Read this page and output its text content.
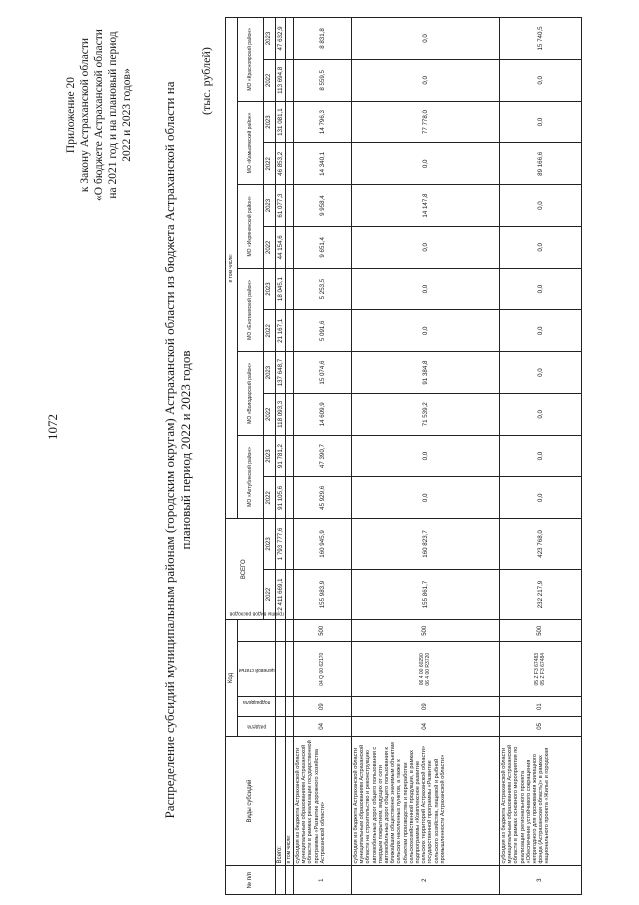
1072
Приложение 20 к Закону Астраханской области «О бюджете Астраханской области на 2021 год и на плановый период 2022 и 2023 годов» Распределение субсидий муниципальным районам (городским округам) Астраханской области из бюджета Астраханской области на плановый период 2022 и 2023 годов
(тыс. рублей)
№ п/п	Виды субсидий	Код				ВСЕГО		в том числе:											
		раздела	подраздела	целевой статьи	группы видов расходов			МО «Ахтубинский район»		МО «Володарский район»		МО «Енотаевский район»		МО «Икрянинский район»		МО «Камызякский район»		МО «Красноярский район»	

						2022	2023	2022	2023	2022	2023	2022	2023	2022	2023	2022	2023	2022	2023
	Всего:					2 411 669,1	1 793 777,6	91 105,6	91 781,2	118 093,3	137 648,7	21 167,1	18 045,1	44 154,6	61 077,3	46 853,2	131 081,1	113 694,8	47 632,9
	в том числе:																		
1	субсидия из бюджета Астраханской области муниципальным образованиям Астраханской области в рамках реализации государственной программы «Развитие дорожного хозяйства Астраханской области»	04	09	04 Q 00 62170	500	155 983,9	160 945,9	45 929,6	47 390,7	14 609,9	15 074,6	5 091,6	5 253,5	9 651,4	9 958,4	14 340,1	14 796,3	8 559,5	8 831,8
2	субсидия из бюджета Астраханской области муниципальным образованиям Астраханской области на строительство и реконструкцию автомобильных дорог общего пользования с твердым покрытием, ведущих от сети автомобильных дорог общего пользования к ближайшим общественно значимым объектам сельских населенных пунктов, а также к объектам производства и переработки сельскохозяйственной продукции, в рамках подпрограммы «Комплексное развитие сельских территорий Астраханской области» государственной программы «Развитие сельского хозяйства, пищевой и рыбной промышленности Астраханской области»	04	09	06 4 00 60290 06 4 00 R3720	500	155 861,7	160 823,7	0,0	0,0	71 539,2	91 384,8	0,0	0,0	0,0	14 147,8	0,0	77 778,0	0,0	0,0
3	субсидия из бюджета Астраханской области муниципальным образованиям Астраханской области в рамках основного мероприятия по реализации регионального проекта «Обеспечение устойчивого сокращения непригодного для проживания жилищного фонда (Астраханская область)» в рамках национального проекта «Жилье и городская	05	01	05 Z F3 67483 05 Z F3 67484	500	232 217,9	423 768,0	0,0	0,0	0,0	0,0	0,0	0,0	0,0	0,0	89 166,6	0,0	0,0	15 740,5
